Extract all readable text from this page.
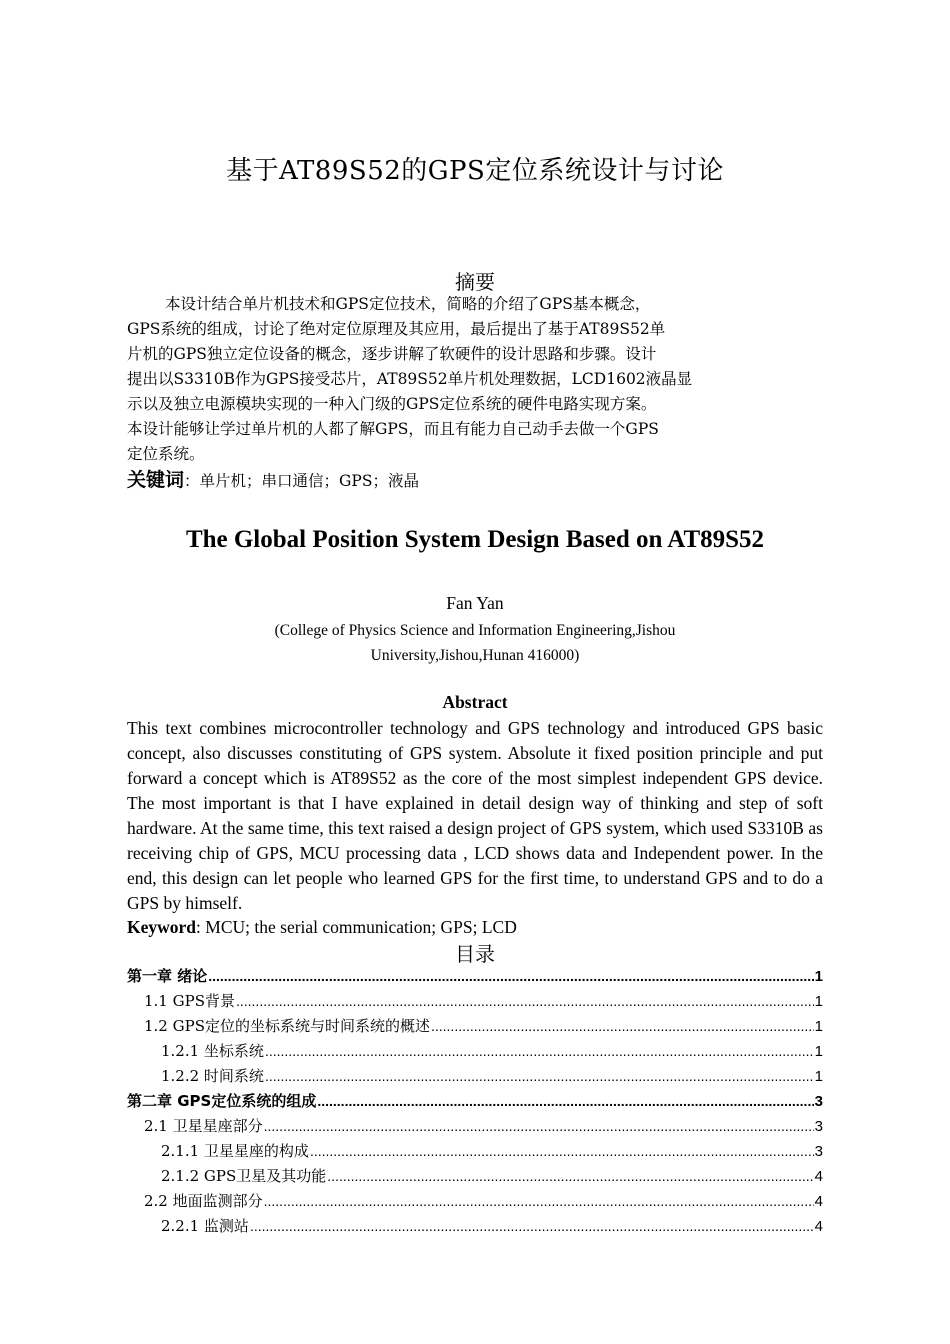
基于AT89S52的GPS定位系统设计与讨论
摘要
本设计结合单片机技术和GPS定位技术，简略的介绍了GPS基本概念，
GPS系统的组成，讨论了绝对定位原理及其应用，最后提出了基于AT89S52单
片机的GPS独立定位设备的概念，逐步讲解了软硬件的设计思路和步骤。设计
提出以S3310B作为GPS接受芯片，AT89S52单片机处理数据，LCD1602液晶显
示以及独立电源模块实现的一种入门级的GPS定位系统的硬件电路实现方案。
本设计能够让学过单片机的人都了解GPS，而且有能力自己动手去做一个GPS
定位系统。
关键词：单片机；串口通信；GPS；液晶
The Global Position System Design Based on AT89S52
Fan Yan
(College of Physics Science and Information Engineering,Jishou
University,Jishou,Hunan 416000)
Abstract
This text combines microcontroller technology and GPS technology and introduced GPS basic concept, also discusses constituting of GPS system. Absolute it fixed position principle and put forward a concept which is AT89S52 as the core of the most simplest independent GPS device. The most important is that I have explained in detail design way of thinking and step of soft hardware. At the same time, this text raised a design project of GPS system, which used S3310B as receiving chip of GPS, MCU processing data , LCD shows data and Independent power. In the end, this design can let people who learned GPS for the first time, to understand GPS and to do a GPS by himself.
Keyword: MCU; the serial communication; GPS; LCD
目录
第一章 绪论 .....	1
1.1 GPS背景 .....	1
1.2 GPS定位的坐标系统与时间系统的概述 .....	1
1.2.1 坐标系统 .....	1
1.2.2 时间系统 .....	1
第二章 GPS定位系统的组成 .....	3
2.1 卫星星座部分 .....	3
2.1.1 卫星星座的构成 .....	3
2.1.2 GPS卫星及其功能 .....	4
2.2 地面监测部分 .....	4
2.2.1 监测站 .....	4
